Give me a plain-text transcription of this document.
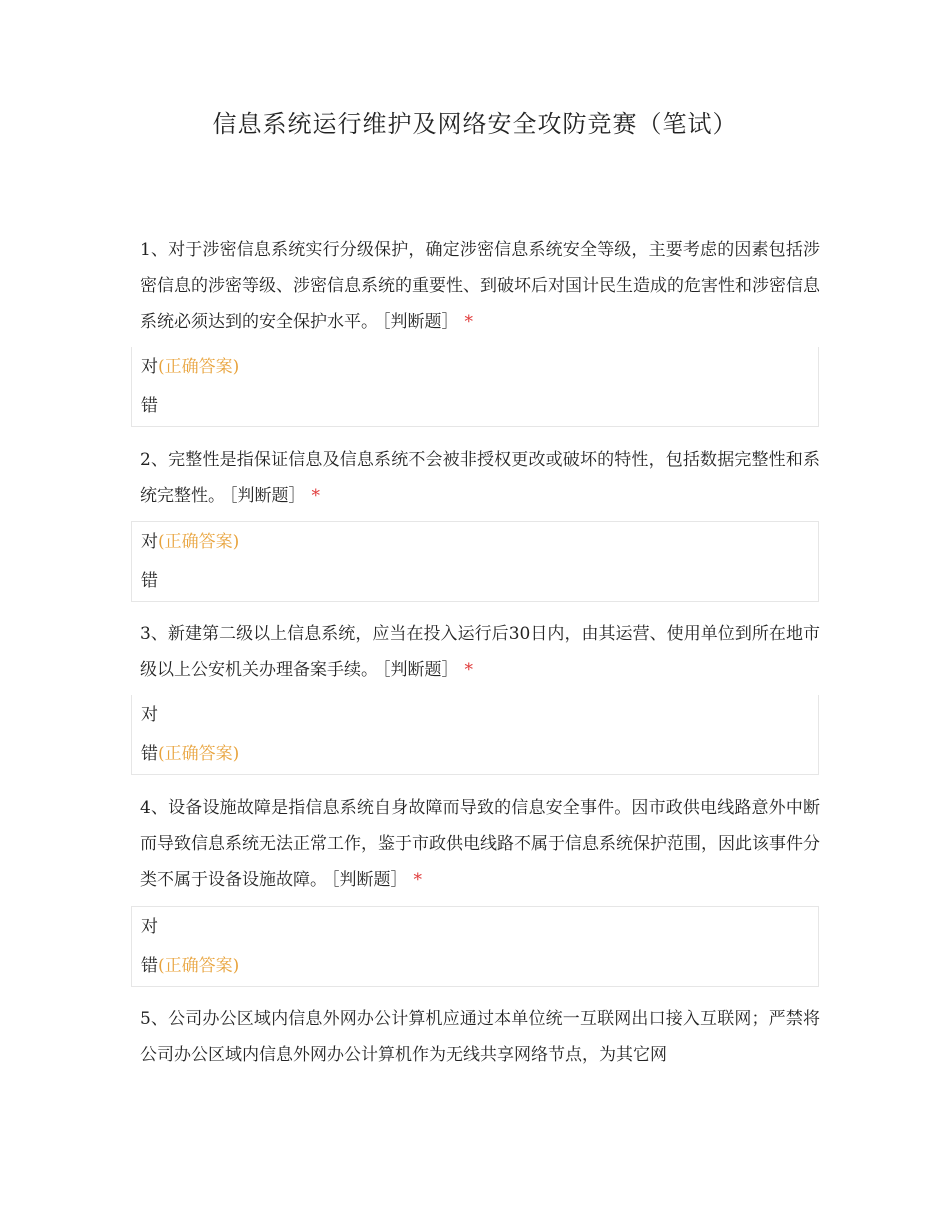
信息系统运行维护及网络安全攻防竞赛（笔试）
1、对于涉密信息系统实行分级保护，确定涉密信息系统安全等级，主要考虑的因素包括涉密信息的涉密等级、涉密信息系统的重要性、到破坏后对国计民生造成的危害性和涉密信息系统必须达到的安全保护水平。 ［判断题］ *
对(正确答案)
错
2、完整性是指保证信息及信息系统不会被非授权更改或破坏的特性，包括数据完整性和系统完整性。 ［判断题］ *
对(正确答案)
错
3、新建第二级以上信息系统，应当在投入运行后30日内，由其运营、使用单位到所在地市级以上公安机关办理备案手续。 ［判断题］ *
对
错(正确答案)
4、设备设施故障是指信息系统自身故障而导致的信息安全事件。因市政供电线路意外中断而导致信息系统无法正常工作，鉴于市政供电线路不属于信息系统保护范围，因此该事件分类不属于设备设施故障。 ［判断题］ *
对
错(正确答案)
5、公司办公区域内信息外网办公计算机应通过本单位统一互联网出口接入互联网；严禁将公司办公区域内信息外网办公计算机作为无线共享网络节点，为其它网
